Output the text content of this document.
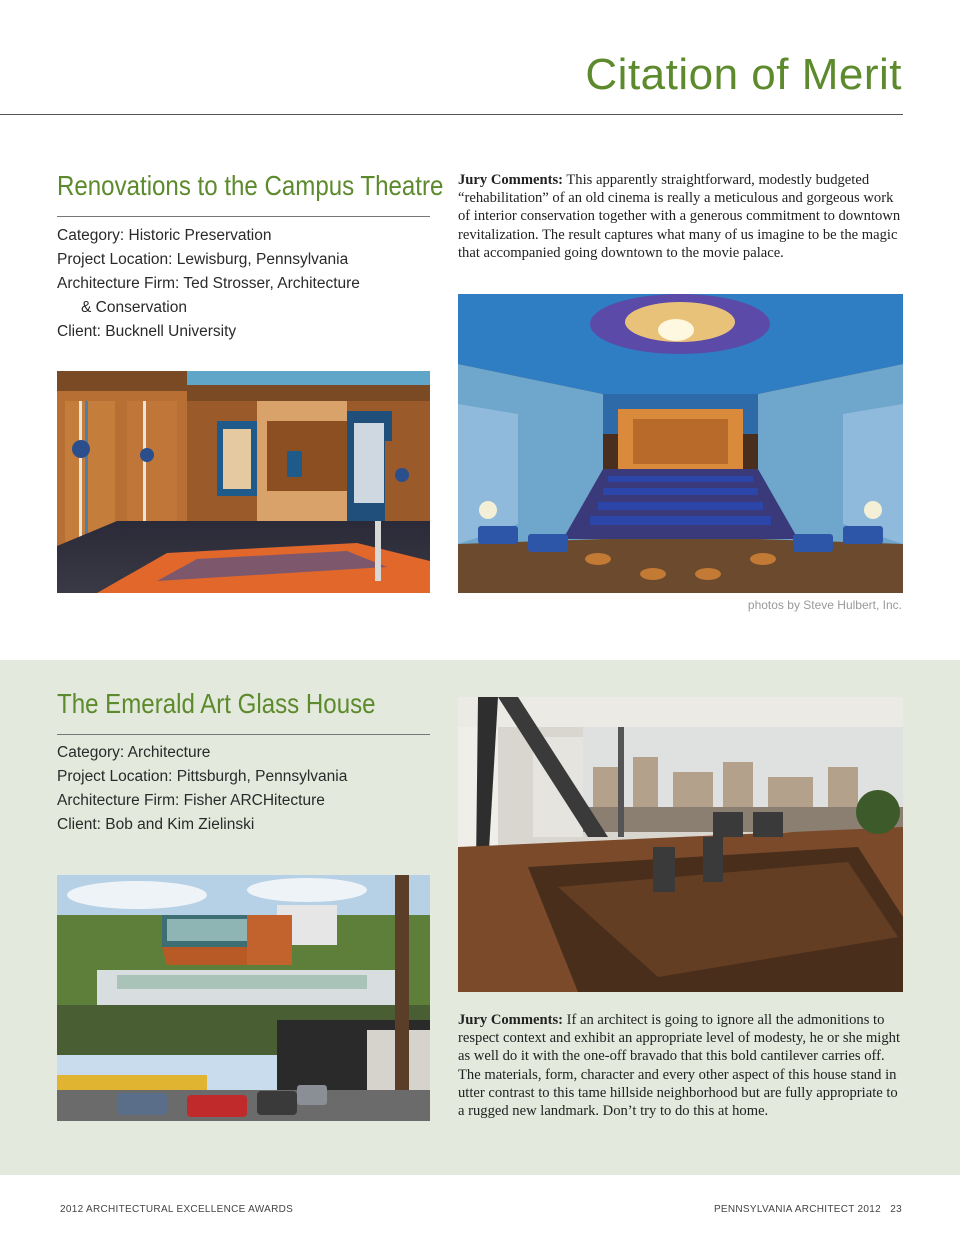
Citation of Merit
Renovations to the Campus Theatre
Category: Historic Preservation
Project Location: Lewisburg, Pennsylvania
Architecture Firm: Ted Strosser, Architecture
& Conservation
Client: Bucknell University
Jury Comments: This apparently straightforward, modestly budgeted “rehabilitation” of an old cinema is really a meticulous and gorgeous work of interior conservation together with a generous commitment to downtown revitalization. The result captures what many of us imagine to be the magic that accompanied going downtown to the movie palace.
photos by Steve Hulbert, Inc.
The Emerald Art Glass House
Category: Architecture
Project Location: Pittsburgh, Pennsylvania
Architecture Firm: Fisher ARCHitecture
Client: Bob and Kim Zielinski
Jury Comments: If an architect is going to ignore all the admonitions to respect context and exhibit an appropriate level of modesty, he or she might as well do it with the one-off bravado that this bold cantilever carries off. The materials, form, character and every other aspect of this house stand in utter contrast to this tame hillside neighborhood but are fully appropriate to a rugged new landmark. Don’t try to do this at home.
2012 ARCHITECTURAL EXCELLENCE AWARDS	PENNSYLVANIA ARCHITECT 2012 23
